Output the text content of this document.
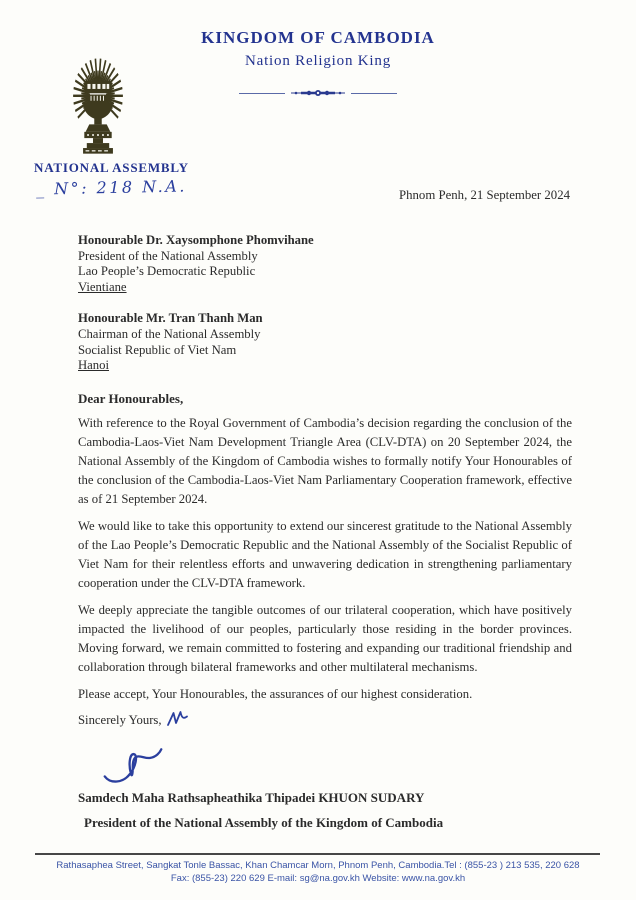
KINGDOM OF CAMBODIA
Nation Religion King
NATIONAL ASSEMBLY
_ N°: 218 N.A.	Phnom Penh, 21 September 2024
Honourable Dr. Xaysomphone Phomvihane
President of the National Assembly
Lao People’s Democratic Republic
Vientiane
Honourable Mr. Tran Thanh Man
Chairman of the National Assembly
Socialist Republic of Viet Nam
Hanoi
Dear Honourables,

With reference to the Royal Government of Cambodia’s decision regarding the conclusion of the Cambodia-Laos-Viet Nam Development Triangle Area (CLV-DTA) on 20 September 2024, the National Assembly of the Kingdom of Cambodia wishes to formally notify Your Honourables of the conclusion of the Cambodia-Laos-Viet Nam Parliamentary Cooperation framework, effective as of 21 September 2024.

We would like to take this opportunity to extend our sincerest gratitude to the National Assembly of the Lao People’s Democratic Republic and the National Assembly of the Socialist Republic of Viet Nam for their relentless efforts and unwavering dedication in strengthening parliamentary cooperation under the CLV-DTA framework.

We deeply appreciate the tangible outcomes of our trilateral cooperation, which have positively impacted the livelihood of our peoples, particularly those residing in the border provinces. Moving forward, we remain committed to fostering and expanding our traditional friendship and collaboration through bilateral frameworks and other multilateral mechanisms.

Please accept, Your Honourables, the assurances of our highest consideration.

Sincerely Yours,
Samdech Maha Rathsapheathika Thipadei KHUON SUDARY
President of the National Assembly of the Kingdom of Cambodia
Rathasaphea Street, Sangkat Tonle Bassac, Khan Chamcar Morn, Phnom Penh, Cambodia.Tel : (855-23 ) 213 535, 220 628
Fax: (855-23) 220 629 E-mail: sg@na.gov.kh Website: www.na.gov.kh
